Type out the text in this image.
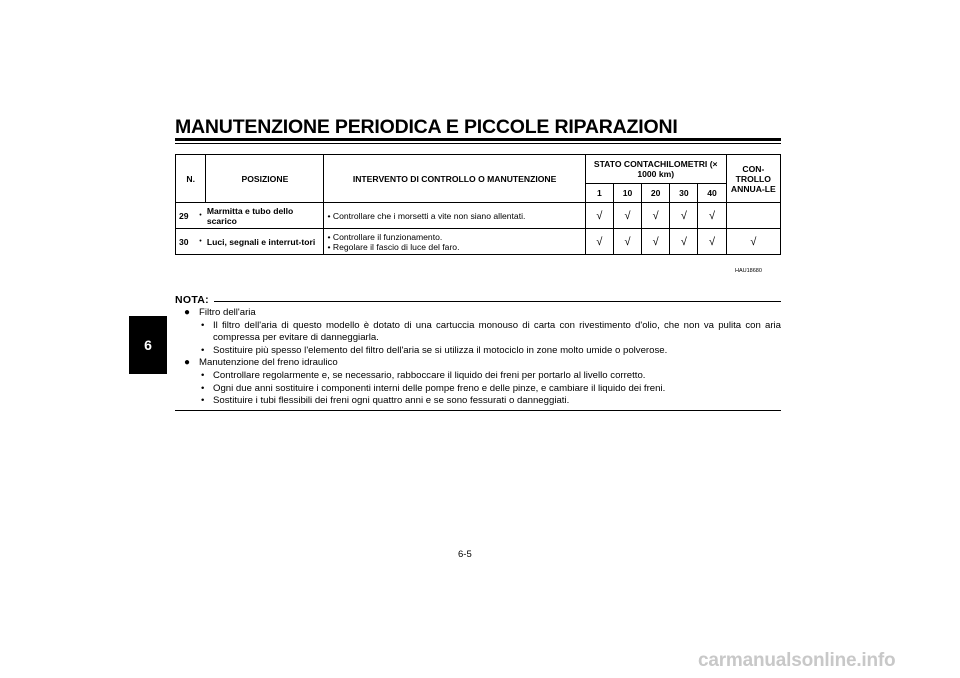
MANUTENZIONE PERIODICA E PICCOLE RIPARAZIONI
6
N.		POSIZIONE	INTERVENTO DI CONTROLLO O MANUTENZIONE	STATO CONTACHILOMETRI (× 1000 km)					CON-TROLLO ANNUA-LE
				1	10	20	30	40	
29	•	Marmitta e tubo dello scarico	• Controllare che i morsetti a vite non siano allentati.	√	√	√	√	√	
30	•	Luci, segnali e interrut-tori	• Controllare il funzionamento.
• Regolare il fascio di luce del faro.	√	√	√	√	√	√
HAU18680
NOTA:
● Filtro dell'aria
• Il filtro dell'aria di questo modello è dotato di una cartuccia monouso di carta con rivestimento d'olio, che non va pulita con aria compressa per evitare di danneggiarla.
• Sostituire più spesso l'elemento del filtro dell'aria se si utilizza il motociclo in zone molto umide o polverose.
● Manutenzione del freno idraulico
• Controllare regolarmente e, se necessario, rabboccare il liquido dei freni per portarlo al livello corretto.
• Ogni due anni sostituire i componenti interni delle pompe freno e delle pinze, e cambiare il liquido dei freni.
• Sostituire i tubi flessibili dei freni ogni quattro anni e se sono fessurati o danneggiati.
6-5
carmanualsonline.info
